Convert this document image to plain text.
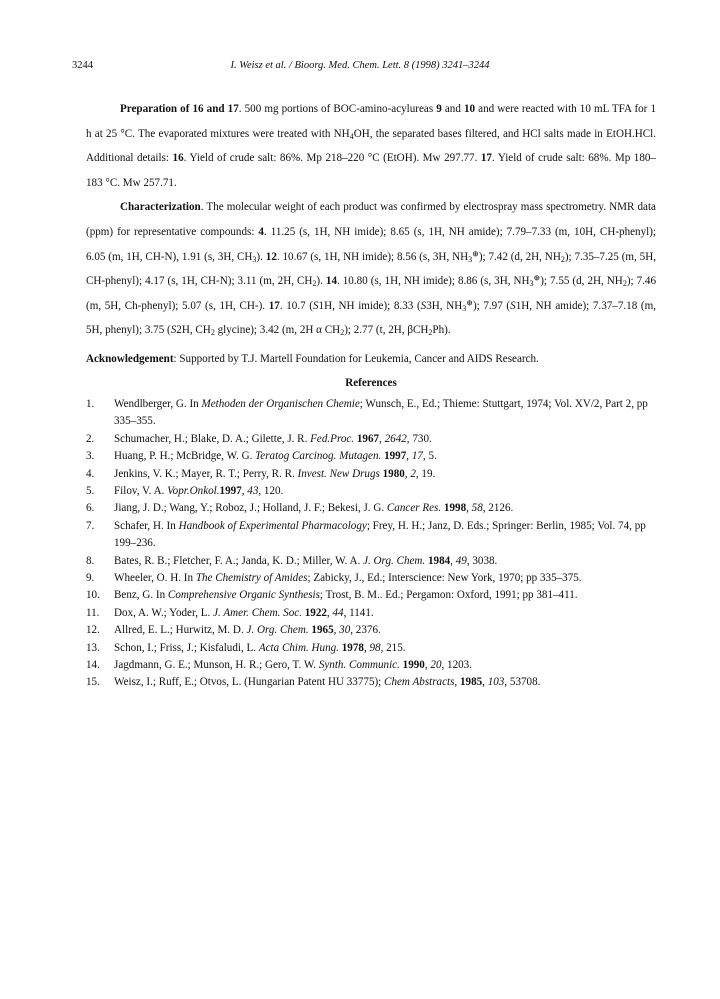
3244	I. Weisz et al. / Bioorg. Med. Chem. Lett. 8 (1998) 3241–3244

Preparation of 16 and 17. 500 mg portions of BOC-amino-acylureas 9 and 10 and were reacted with 10 mL TFA for 1 h at 25 °C. The evaporated mixtures were treated with $NH_4OH$, the separated bases filtered, and HCl salts made in EtOH.HCl. Additional details: 16. Yield of crude salt: 86%. Mp 218–220 °C (EtOH). Mw 297.77. 17. Yield of crude salt: 68%. Mp 180–183 °C. Mw 257.71.

Characterization. The molecular weight of each product was confirmed by electrospray mass spectrometry. NMR data (ppm) for representative compounds: 4. 11.25 (s, 1H, NH imide); 8.65 (s, 1H, NH amide); 7.79–7.33 (m, 10H, CH-phenyl); 6.05 (m, 1H, CH-N), 1.91 (s, 3H, $CH_3$). 12. 10.67 (s, 1H, NH imide); 8.56 (s, 3H, $NH_3^\oplus$); 7.42 (d, 2H, $NH_2$); 7.35–7.25 (m, 5H, CH-phenyl); 4.17 (s, 1H, CH-N); 3.11 (m, 2H, $CH_2$). 14. 10.80 (s, 1H, NH imide); 8.86 (s, 3H, $NH_3^\oplus$); 7.55 (d, 2H, $NH_2$); 7.46 (m, 5H, Ch-phenyl); 5.07 (s, 1H, CH-). 17. 10.7 (S1H, NH imide); 8.33 (S3H, $NH_3^\oplus$); 7.97 (S1H, NH amide); 7.37–7.18 (m, 5H, phenyl); 3.75 (S2H, $CH_2$ glycine); 3.42 (m, 2H α $CH_2$); 2.77 (t, 2H, βCH$_2$Ph).

Acknowledgement: Supported by T.J. Martell Foundation for Leukemia, Cancer and AIDS Research.

References
1. Wendlberger, G. In Methoden der Organischen Chemie; Wunsch, E., Ed.; Thieme: Stuttgart, 1974; Vol. XV/2, Part 2, pp 335–355.
2. Schumacher, H.; Blake, D. A.; Gilette, J. R. Fed.Proc. 1967, 2642, 730.
3. Huang, P. H.; McBridge, W. G. Teratog Carcinog. Mutagen. 1997, 17, 5.
4. Jenkins, V. K.; Mayer, R. T.; Perry, R. R. Invest. New Drugs 1980, 2, 19.
5. Filov, V. A. Vopr.Onkol.1997, 43, 120.
6. Jiang, J. D.; Wang, Y.; Roboz, J.; Holland, J. F.; Bekesi, J. G. Cancer Res. 1998, 58, 2126.
7. Schafer, H. In Handbook of Experimental Pharmacology; Frey, H. H.; Janz, D. Eds.; Springer: Berlin, 1985; Vol. 74, pp 199–236.
8. Bates, R. B.; Fletcher, F. A.; Janda, K. D.; Miller, W. A. J. Org. Chem. 1984, 49, 3038.
9. Wheeler, O. H. In The Chemistry of Amides; Zabicky, J., Ed.; Interscience: New York, 1970; pp 335–375.
10. Benz, G. In Comprehensive Organic Synthesis; Trost, B. M.. Ed.; Pergamon: Oxford, 1991; pp 381–411.
11. Dox, A. W.; Yoder, L. J. Amer. Chem. Soc. 1922, 44, 1141.
12. Allred, E. L.; Hurwitz, M. D. J. Org. Chem. 1965, 30, 2376.
13. Schon, I.; Friss, J.; Kisfaludi, L. Acta Chim. Hung. 1978, 98, 215.
14. Jagdmann, G. E.; Munson, H. R.; Gero, T. W. Synth. Communic. 1990, 20, 1203.
15. Weisz, I.; Ruff, E.; Otvos, L. (Hungarian Patent HU 33775); Chem Abstracts, 1985, 103, 53708.
